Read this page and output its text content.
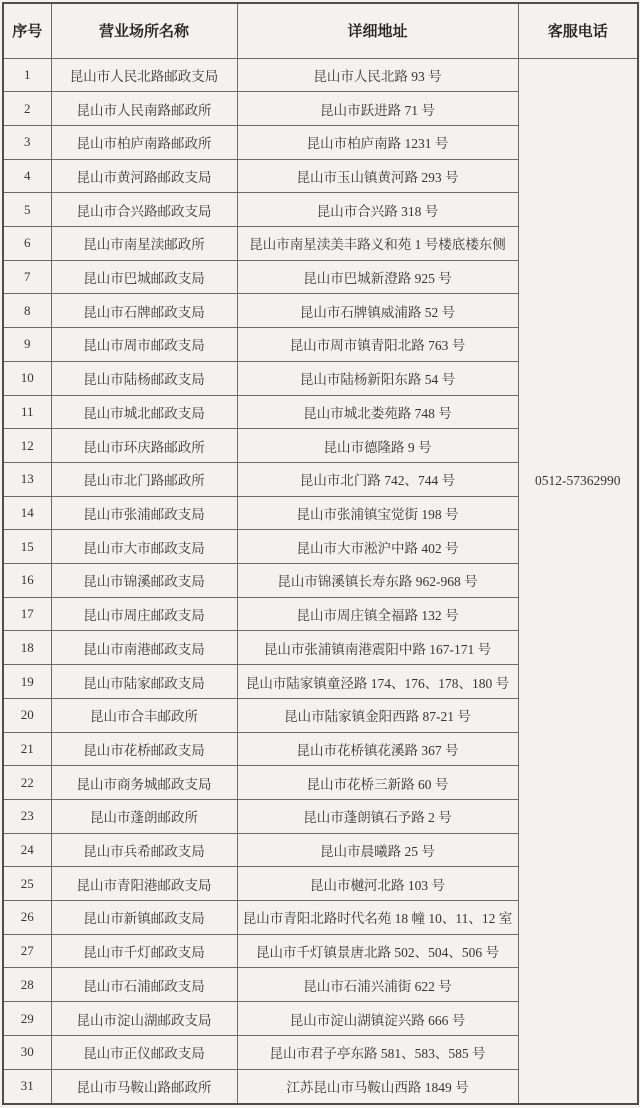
序号	营业场所名称	详细地址	客服电话
1	昆山市人民北路邮政支局	昆山市人民北路 93 号	0512-57362990

2	昆山市人民南路邮政所	昆山市跃进路 71 号	
3	昆山市柏庐南路邮政所	昆山市柏庐南路 1231 号	
4	昆山市黄河路邮政支局	昆山市玉山镇黄河路 293 号	
5	昆山市合兴路邮政支局	昆山市合兴路 318 号	
6	昆山市南星渎邮政所	昆山市南星渎美丰路义和苑 1 号楼底楼东侧	
7	昆山市巴城邮政支局	昆山市巴城新澄路 925 号	
8	昆山市石牌邮政支局	昆山市石牌镇威浦路 52 号	
9	昆山市周市邮政支局	昆山市周市镇青阳北路 763 号	
10	昆山市陆杨邮政支局	昆山市陆杨新阳东路 54 号	
11	昆山市城北邮政支局	昆山市城北娄苑路 748 号	
12	昆山市环庆路邮政所	昆山市德隆路 9 号	
13	昆山市北门路邮政所	昆山市北门路 742、744 号	
14	昆山市张浦邮政支局	昆山市张浦镇宝觉街 198 号	
15	昆山市大市邮政支局	昆山市大市淞沪中路 402 号	
16	昆山市锦溪邮政支局	昆山市锦溪镇长寿东路 962-968 号	
17	昆山市周庄邮政支局	昆山市周庄镇全福路 132 号	
18	昆山市南港邮政支局	昆山市张浦镇南港震阳中路 167-171 号	
19	昆山市陆家邮政支局	昆山市陆家镇童泾路 174、176、178、180 号	
20	昆山市合丰邮政所	昆山市陆家镇金阳西路 87-21 号	
21	昆山市花桥邮政支局	昆山市花桥镇花溪路 367 号	
22	昆山市商务城邮政支局	昆山市花桥三新路 60 号	
23	昆山市蓬朗邮政所	昆山市蓬朗镇石予路 2 号	
24	昆山市兵希邮政支局	昆山市晨曦路 25 号	
25	昆山市青阳港邮政支局	昆山市樾河北路 103 号	
26	昆山市新镇邮政支局	昆山市青阳北路时代名苑 18 幢 10、11、12 室	
27	昆山市千灯邮政支局	昆山市千灯镇景唐北路 502、504、506 号	
28	昆山市石浦邮政支局	昆山市石浦兴浦街 622 号	
29	昆山市淀山湖邮政支局	昆山市淀山湖镇淀兴路 666 号	
30	昆山市正仪邮政支局	昆山市君子亭东路 581、583、585 号	
31	昆山市马鞍山路邮政所	江苏昆山市马鞍山西路 1849 号	
